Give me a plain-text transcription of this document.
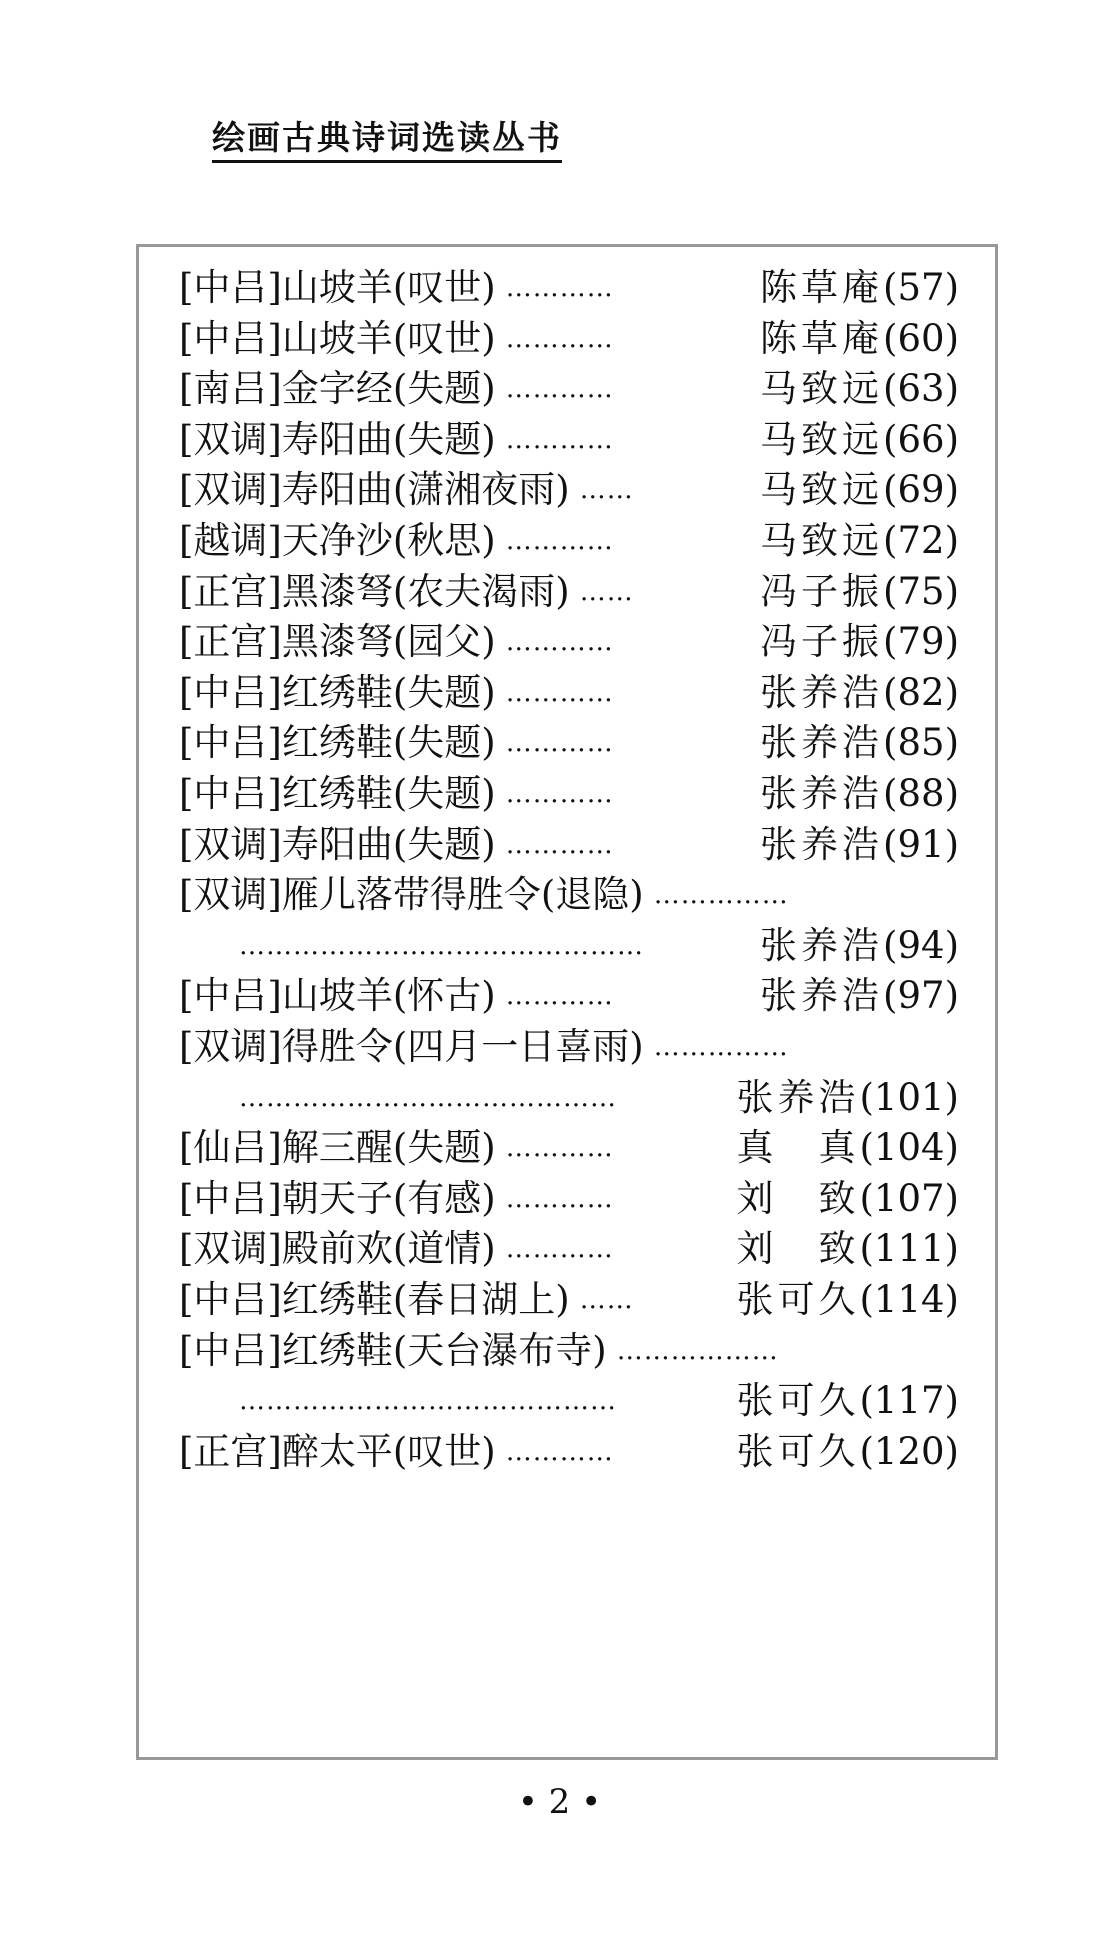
绘画古典诗词选读丛书
[中吕]山坡羊(叹世) …………	陈草庵 (57)
[中吕]山坡羊(叹世) …………	陈草庵 (60)
[南吕]金字经(失题) …………	马致远 (63)
[双调]寿阳曲(失题) …………	马致远 (66)
[双调]寿阳曲(潇湘夜雨) ……	马致远 (69)
[越调]天净沙(秋思) …………	马致远 (72)
[正宫]黑漆弩(农夫渴雨) ……	冯子振 (75)
[正宫]黑漆弩(园父) …………	冯子振 (79)
[中吕]红绣鞋(失题) …………	张养浩 (82)
[中吕]红绣鞋(失题) …………	张养浩 (85)
[中吕]红绣鞋(失题) …………	张养浩 (88)
[双调]寿阳曲(失题) …………	张养浩 (91)
[双调]雁儿落带得胜令(退隐) ……………
………………………………………	张养浩 (94)
[中吕]山坡羊(怀古) …………	张养浩 (97)
[双调]得胜令(四月一日喜雨) ……………
……………………………………	张养浩 (101)
[仙吕]解三醒(失题) …………	真　真 (104)
[中吕]朝天子(有感) …………	刘　致 (107)
[双调]殿前欢(道情) …………	刘　致 (111)
[中吕]红绣鞋(春日湖上) ……	张可久 (114)
[中吕]红绣鞋(天台瀑布寺) ………………
……………………………………	张可久 (117)
[正宫]醉太平(叹世) …………	张可久 (120)
• 2 •
